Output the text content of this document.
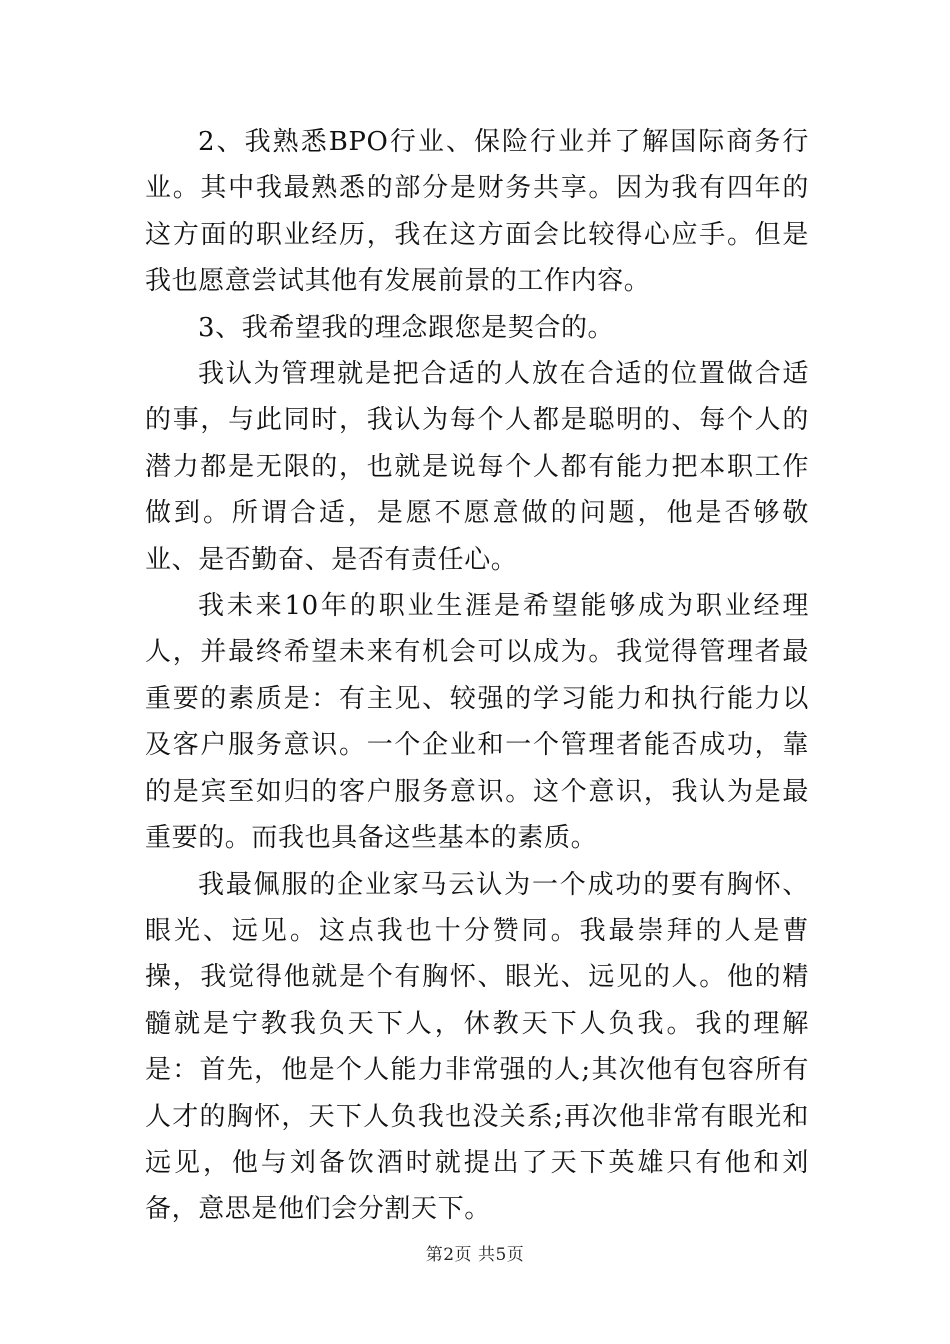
2、我熟悉BPO行业、保险行业并了解国际商务行业。其中我最熟悉的部分是财务共享。因为我有四年的这方面的职业经历，我在这方面会比较得心应手。但是我也愿意尝试其他有发展前景的工作内容。

3、我希望我的理念跟您是契合的。

我认为管理就是把合适的人放在合适的位置做合适的事，与此同时，我认为每个人都是聪明的、每个人的潜力都是无限的，也就是说每个人都有能力把本职工作做到。所谓合适，是愿不愿意做的问题，他是否够敬业、是否勤奋、是否有责任心。

我未来10年的职业生涯是希望能够成为职业经理人，并最终希望未来有机会可以成为。我觉得管理者最重要的素质是：有主见、较强的学习能力和执行能力以及客户服务意识。一个企业和一个管理者能否成功，靠的是宾至如归的客户服务意识。这个意识，我认为是最重要的。而我也具备这些基本的素质。

我最佩服的企业家马云认为一个成功的要有胸怀、眼光、远见。这点我也十分赞同。我最崇拜的人是曹操，我觉得他就是个有胸怀、眼光、远见的人。他的精髓就是宁教我负天下人，休教天下人负我。我的理解是：首先，他是个人能力非常强的人;其次他有包容所有人才的胸怀，天下人负我也没关系;再次他非常有眼光和远见，他与刘备饮酒时就提出了天下英雄只有他和刘备，意思是他们会分割天下。

第2页 共5页
